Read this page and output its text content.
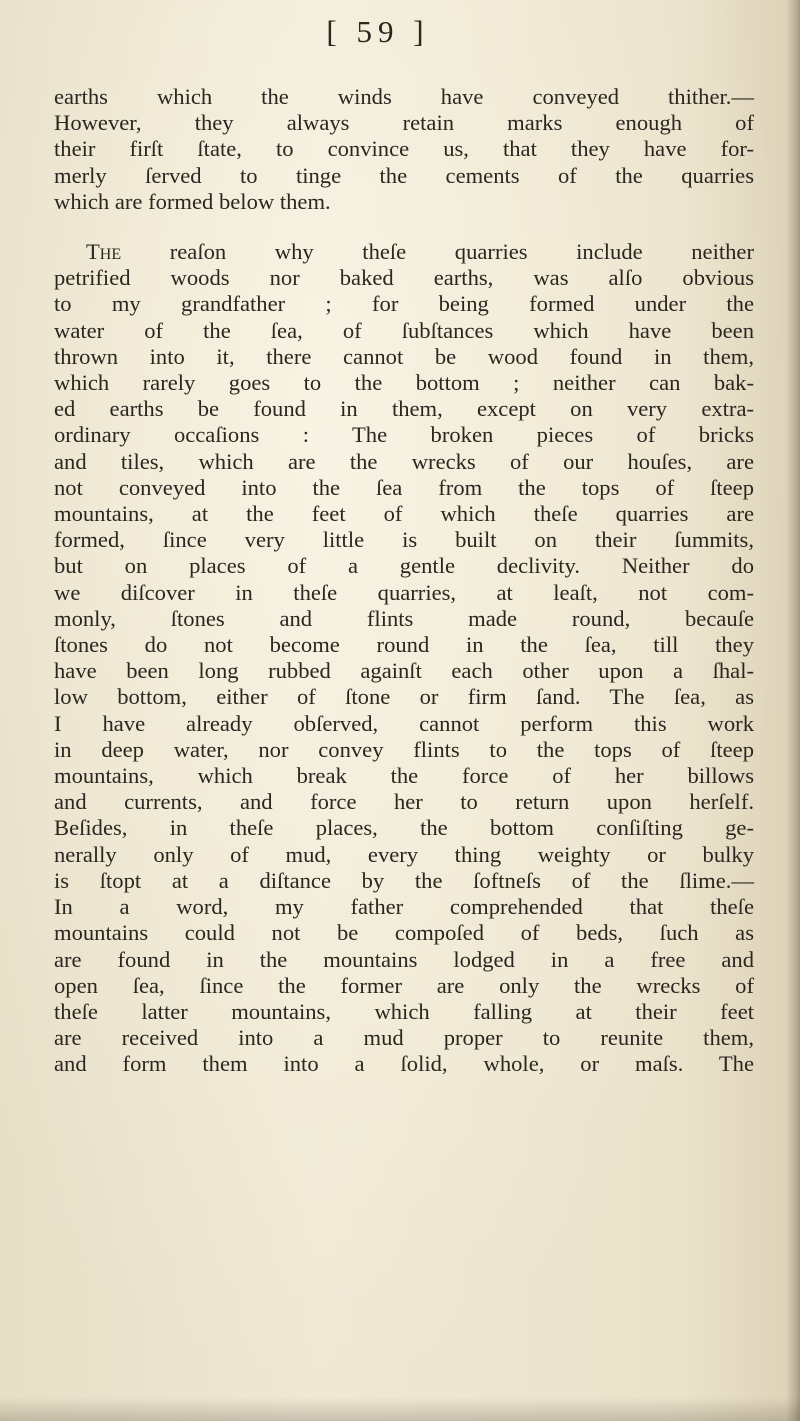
[ 59 ]
earths which the winds have conveyed thither.—
However, they always retain marks enough of
their firſt ſtate, to convince us, that they have for-
merly ſerved to tinge the cements of the quarries
which are formed below them.
The reaſon why theſe quarries include neither
petrified woods nor baked earths, was alſo obvious
to my grandfather ; for being formed under the
water of the ſea, of ſubſtances which have been
thrown into it, there cannot be wood found in them,
which rarely goes to the bottom ; neither can bak-
ed earths be found in them, except on very extra-
ordinary occaſions : The broken pieces of bricks
and tiles, which are the wrecks of our houſes, are
not conveyed into the ſea from the tops of ſteep
mountains, at the feet of which theſe quarries are
formed, ſince very little is built on their ſummits,
but on places of a gentle declivity. Neither do
we diſcover in theſe quarries, at leaſt, not com-
monly, ſtones and flints made round, becauſe
ſtones do not become round in the ſea, till they
have been long rubbed againſt each other upon a ſhal-
low bottom, either of ſtone or firm ſand. The ſea, as
I have already obſerved, cannot perform this work
in deep water, nor convey flints to the tops of ſteep
mountains, which break the force of her billows
and currents, and force her to return upon herſelf.
Beſides, in theſe places, the bottom conſiſting ge-
nerally only of mud, every thing weighty or bulky
is ſtopt at a diſtance by the ſoftneſs of the ſlime.—
In a word, my father comprehended that theſe
mountains could not be compoſed of beds, ſuch as
are found in the mountains lodged in a free and
open ſea, ſince the former are only the wrecks of
theſe latter mountains, which falling at their feet
are received into a mud proper to reunite them,
and form them into a ſolid, whole, or maſs. The
